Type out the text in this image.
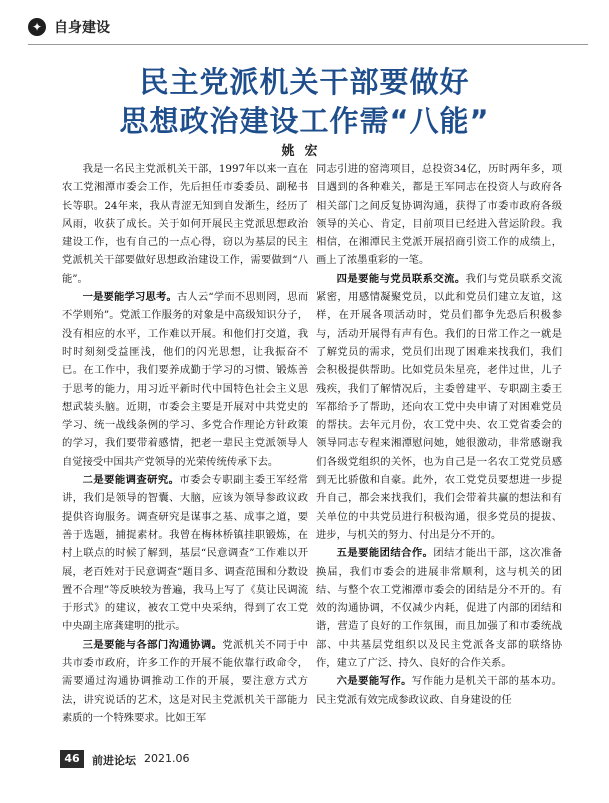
✦ 自身建设
民主党派机关干部要做好
思想政治建设工作需“八能”
姚宏

我是一名民主党派机关干部，1997年以来一直在农工党湘潭市委会工作，先后担任市委委员、副秘书长等职。24年来，我从青涩无知到自发渐生，经历了风雨，收获了成长。关于如何开展民主党派思想政治建设工作，也有自己的一点心得，窃以为基层的民主党派机关干部要做好思想政治建设工作，需要做到“八能”。

一是要能学习思考。古人云“学而不思则罔，思而不学则殆”。党派工作服务的对象是中高级知识分子，没有相应的水平，工作难以开展。和他们打交道，我时时刻刻受益匪浅，他们的闪光思想，让我振奋不已。在工作中，我们要养成勤于学习的习惯、锻炼善于思考的能力，用习近平新时代中国特色社会主义思想武装头脑。近期，市委会主要是开展对中共党史的学习、统一战线条例的学习、多党合作理论方针政策的学习，我们要带着感情，把老一辈民主党派领导人自觉接受中国共产党领导的光荣传统传承下去。

二是要能调查研究。市委会专职副主委王军经常讲，我们是领导的智囊、大脑，应该为领导参政议政提供咨询服务。调查研究是谋事之基、成事之道，要善于选题，捕捉素材。我曾在梅林桥镇挂职锻炼，在村上联点的时候了解到，基层“民意调查”工作难以开展，老百姓对于民意调查“题目多、调查范围和分数设置不合理”等反映较为普遍，我马上写了《莫让民调流于形式》的建议，被农工党中央采纳，得到了农工党中央副主席龚建明的批示。

三是要能与各部门沟通协调。党派机关不同于中共市委市政府，许多工作的开展不能依靠行政命令，需要通过沟通协调推动工作的开展，要注意方式方法，讲究说话的艺术，这是对民主党派机关干部能力素质的一个特殊要求。比如王军

同志引进的窑湾项目，总投资34亿，历时两年多，项目遇到的各种难关，都是王军同志在投资人与政府各相关部门之间反复协调沟通，获得了市委市政府各级领导的关心、肯定，目前项目已经进入营运阶段。我相信，在湘潭民主党派开展招商引资工作的成绩上，画上了浓墨重彩的一笔。

四是要能与党员联系交流。我们与党员联系交流紧密，用感情凝聚党员，以此和党员们建立友谊，这样，在开展各项活动时，党员们都争先恐后积极参与，活动开展得有声有色。我们的日常工作之一就是了解党员的需求，党员们出现了困难来找我们，我们会积极提供帮助。比如党员朱星亮，老伴过世，儿子残疾，我们了解情况后，主委曾建平、专职副主委王军都给予了帮助，还向农工党中央申请了对困难党员的帮扶。去年元月份，农工党中央、农工党省委会的领导同志专程来湘潭慰问她，她很激动，非常感谢我们各级党组织的关怀，也为自己是一名农工党党员感到无比骄傲和自豪。此外，农工党党员要想进一步提升自己，都会来找我们，我们会带着共赢的想法和有关单位的中共党员进行积极沟通，很多党员的提拔、进步，与机关的努力、付出是分不开的。

五是要能团结合作。团结才能出干部，这次准备换届，我们市委会的进展非常顺利，这与机关的团结、与整个农工党湘潭市委会的团结是分不开的。有效的沟通协调，不仅减少内耗，促进了内部的团结和谐，营造了良好的工作氛围，而且加强了和市委统战部、中共基层党组织以及民主党派各支部的联络协作，建立了广泛、持久、良好的合作关系。

六是要能写作。写作能力是机关干部的基本功。民主党派有效完成参政议政、自身建设的任

46	前进论坛 2021.06
